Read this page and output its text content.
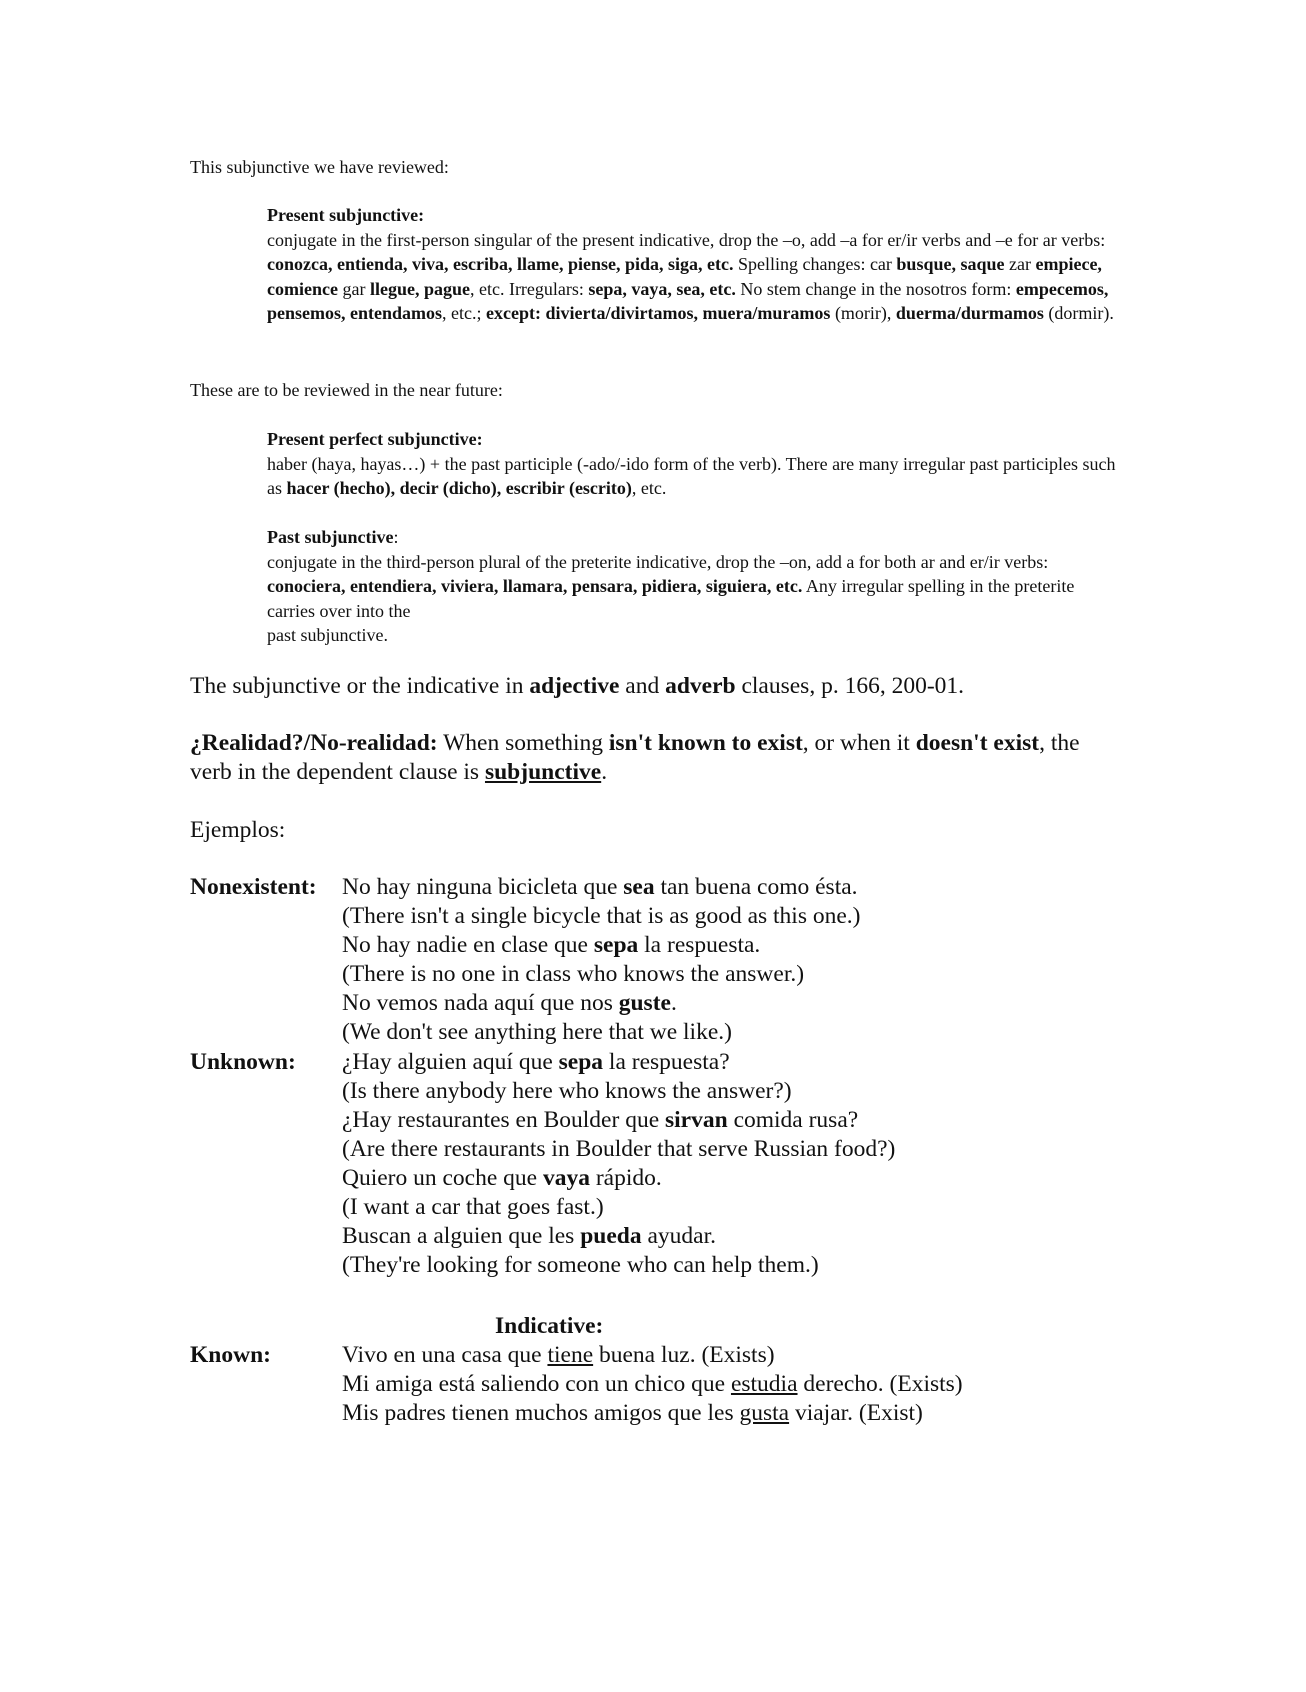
This subjunctive we have reviewed:

Present subjunctive:

conjugate in the first-person singular of the present indicative, drop the –o, add –a for er/ir verbs and –e for ar verbs: conozca, entienda, viva, escriba, llame, piense, pida, siga, etc. Spelling changes: car busque, saque zar empiece, comience gar llegue, pague, etc. Irregulars: sepa, vaya, sea, etc. No stem change in the nosotros form: empecemos, pensemos, entendamos, etc.; except: divierta/divirtamos, muera/muramos (morir), duerma/durmamos (dormir).

These are to be reviewed in the near future:

Present perfect subjunctive:

haber (haya, hayas…) + the past participle (-ado/-ido form of the verb). There are many irregular past participles such as hacer (hecho), decir (dicho), escribir (escrito), etc.

Past subjunctive:

conjugate in the third-person plural of the preterite indicative, drop the –on, add a for both ar and er/ir verbs: conociera, entendiera, viviera, llamara, pensara, pidiera, siguiera, etc. Any irregular spelling in the preterite carries over into the
past subjunctive.

The subjunctive or the indicative in adjective and adverb clauses, p. 166, 200-01.

¿Realidad?/No-realidad: When something isn't known to exist, or when it doesn't exist, the verb in the dependent clause is subjunctive.

Ejemplos:

Nonexistent:	No hay ninguna bicicleta que sea tan buena como ésta.
(There isn't a single bicycle that is as good as this one.)
No hay nadie en clase que sepa la respuesta.
(There is no one in class who knows the answer.)
No vemos nada aquí que nos guste.
(We don't see anything here that we like.)
Unknown:	¿Hay alguien aquí que sepa la respuesta?
(Is there anybody here who knows the answer?)
¿Hay restaurantes en Boulder que sirvan comida rusa?
(Are there restaurants in Boulder that serve Russian food?)
Quiero un coche que vaya rápido.
(I want a car that goes fast.)
Buscan a alguien que les pueda ayudar.
(They're looking for someone who can help them.)
Indicative:
Known:	Vivo en una casa que tiene buena luz. (Exists)
Mi amiga está saliendo con un chico que estudia derecho. (Exists)
Mis padres tienen muchos amigos que les gusta viajar. (Exist)
